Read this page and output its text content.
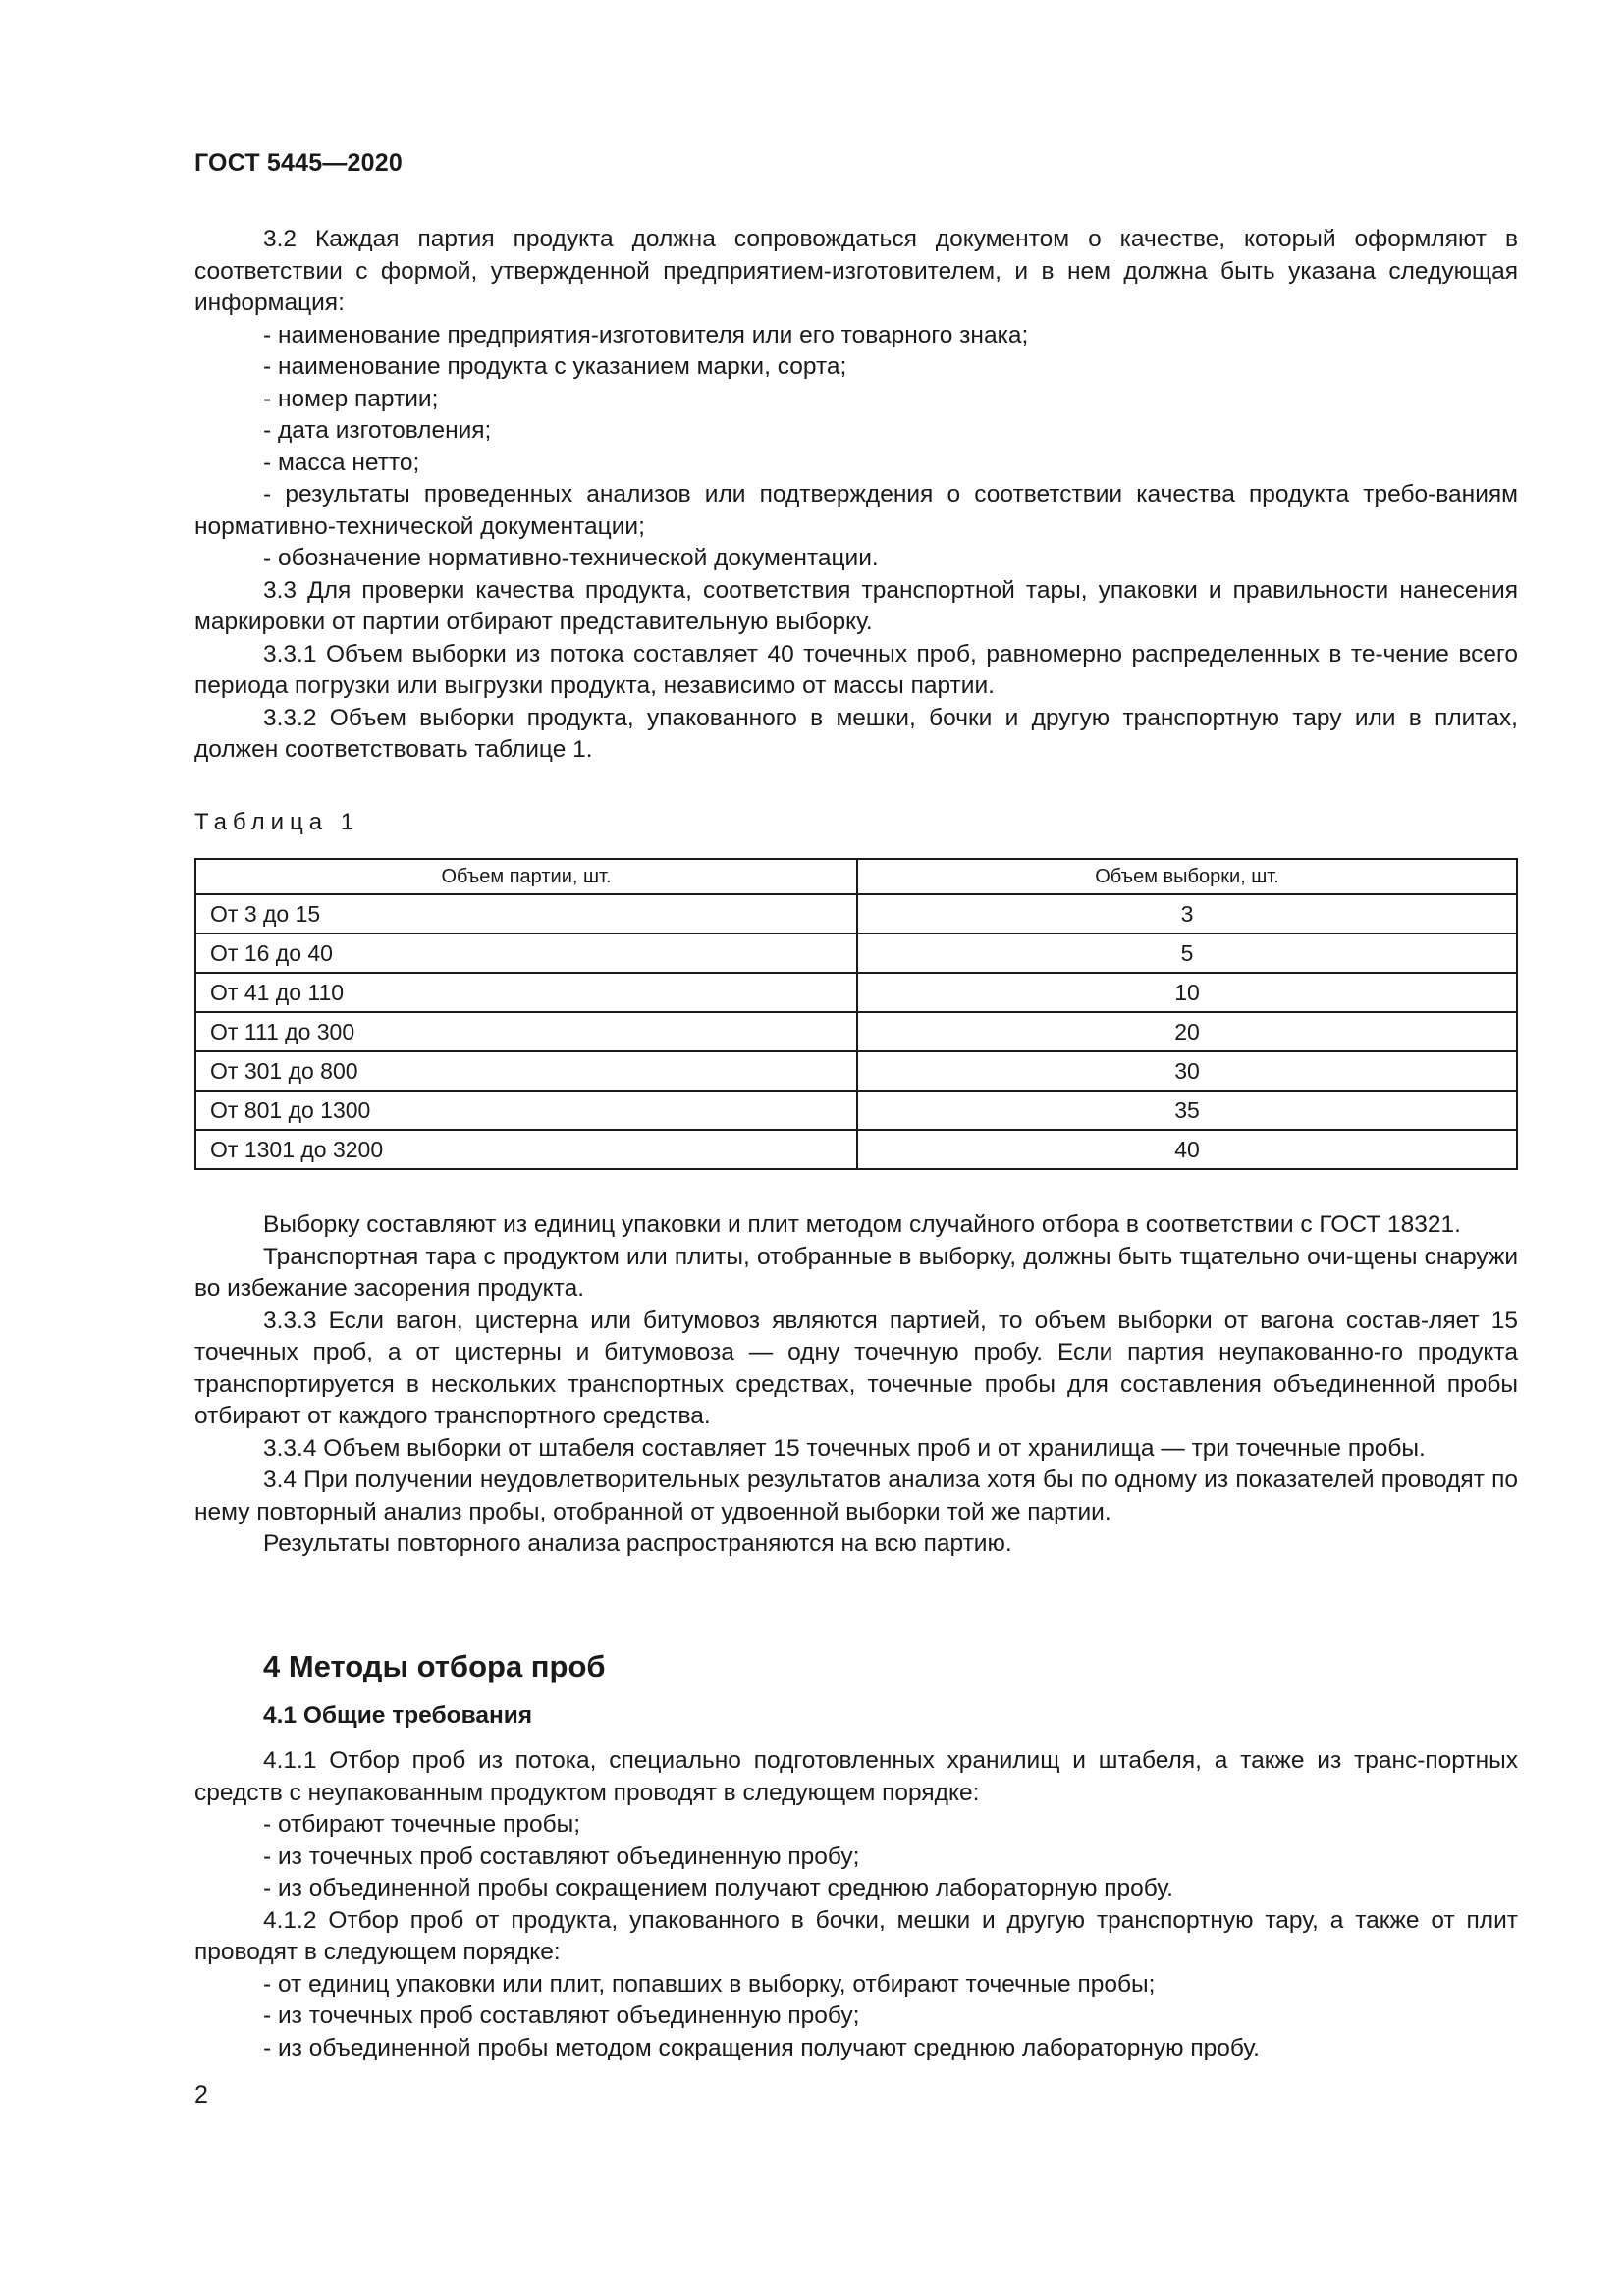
ГОСТ 5445—2020

3.2 Каждая партия продукта должна сопровождаться документом о качестве, который оформляют в соответствии с формой, утвержденной предприятием-изготовителем, и в нем должна быть указана следующая информация:

- наименование предприятия-изготовителя или его товарного знака;

- наименование продукта с указанием марки, сорта;

- номер партии;

- дата изготовления;

- масса нетто;

- результаты проведенных анализов или подтверждения о соответствии качества продукта требо-ваниям нормативно-технической документации;

- обозначение нормативно-технической документации.

3.3 Для проверки качества продукта, соответствия транспортной тары, упаковки и правильности нанесения маркировки от партии отбирают представительную выборку.

3.3.1 Объем выборки из потока составляет 40 точечных проб, равномерно распределенных в те-чение всего периода погрузки или выгрузки продукта, независимо от массы партии.

3.3.2 Объем выборки продукта, упакованного в мешки, бочки и другую транспортную тару или в плитах, должен соответствовать таблице 1.

Таблица 1
Объем партии, шт.	Объем выборки, шт.
От 3 до 15	3
От 16 до 40	5
От 41 до 110	10
От 111 до 300	20
От 301 до 800	30
От 801 до 1300	35
От 1301 до 3200	40

Выборку составляют из единиц упаковки и плит методом случайного отбора в соответствии с ГОСТ 18321.

Транспортная тара с продуктом или плиты, отобранные в выборку, должны быть тщательно очи-щены снаружи во избежание засорения продукта.

3.3.3 Если вагон, цистерна или битумовоз являются партией, то объем выборки от вагона состав-ляет 15 точечных проб, а от цистерны и битумовоза — одну точечную пробу. Если партия неупакованно-го продукта транспортируется в нескольких транспортных средствах, точечные пробы для составления объединенной пробы отбирают от каждого транспортного средства.

3.3.4 Объем выборки от штабеля составляет 15 точечных проб и от хранилища — три точечные пробы.

3.4 При получении неудовлетворительных результатов анализа хотя бы по одному из показателей проводят по нему повторный анализ пробы, отобранной от удвоенной выборки той же партии.

Результаты повторного анализа распространяются на всю партию.

4 Методы отбора проб
4.1 Общие требования

4.1.1 Отбор проб из потока, специально подготовленных хранилищ и штабеля, а также из транс-портных средств с неупакованным продуктом проводят в следующем порядке:

- отбирают точечные пробы;

- из точечных проб составляют объединенную пробу;

- из объединенной пробы сокращением получают среднюю лабораторную пробу.

4.1.2 Отбор проб от продукта, упакованного в бочки, мешки и другую транспортную тару, а также от плит проводят в следующем порядке:

- от единиц упаковки или плит, попавших в выборку, отбирают точечные пробы;

- из точечных проб составляют объединенную пробу;

- из объединенной пробы методом сокращения получают среднюю лабораторную пробу.

2
